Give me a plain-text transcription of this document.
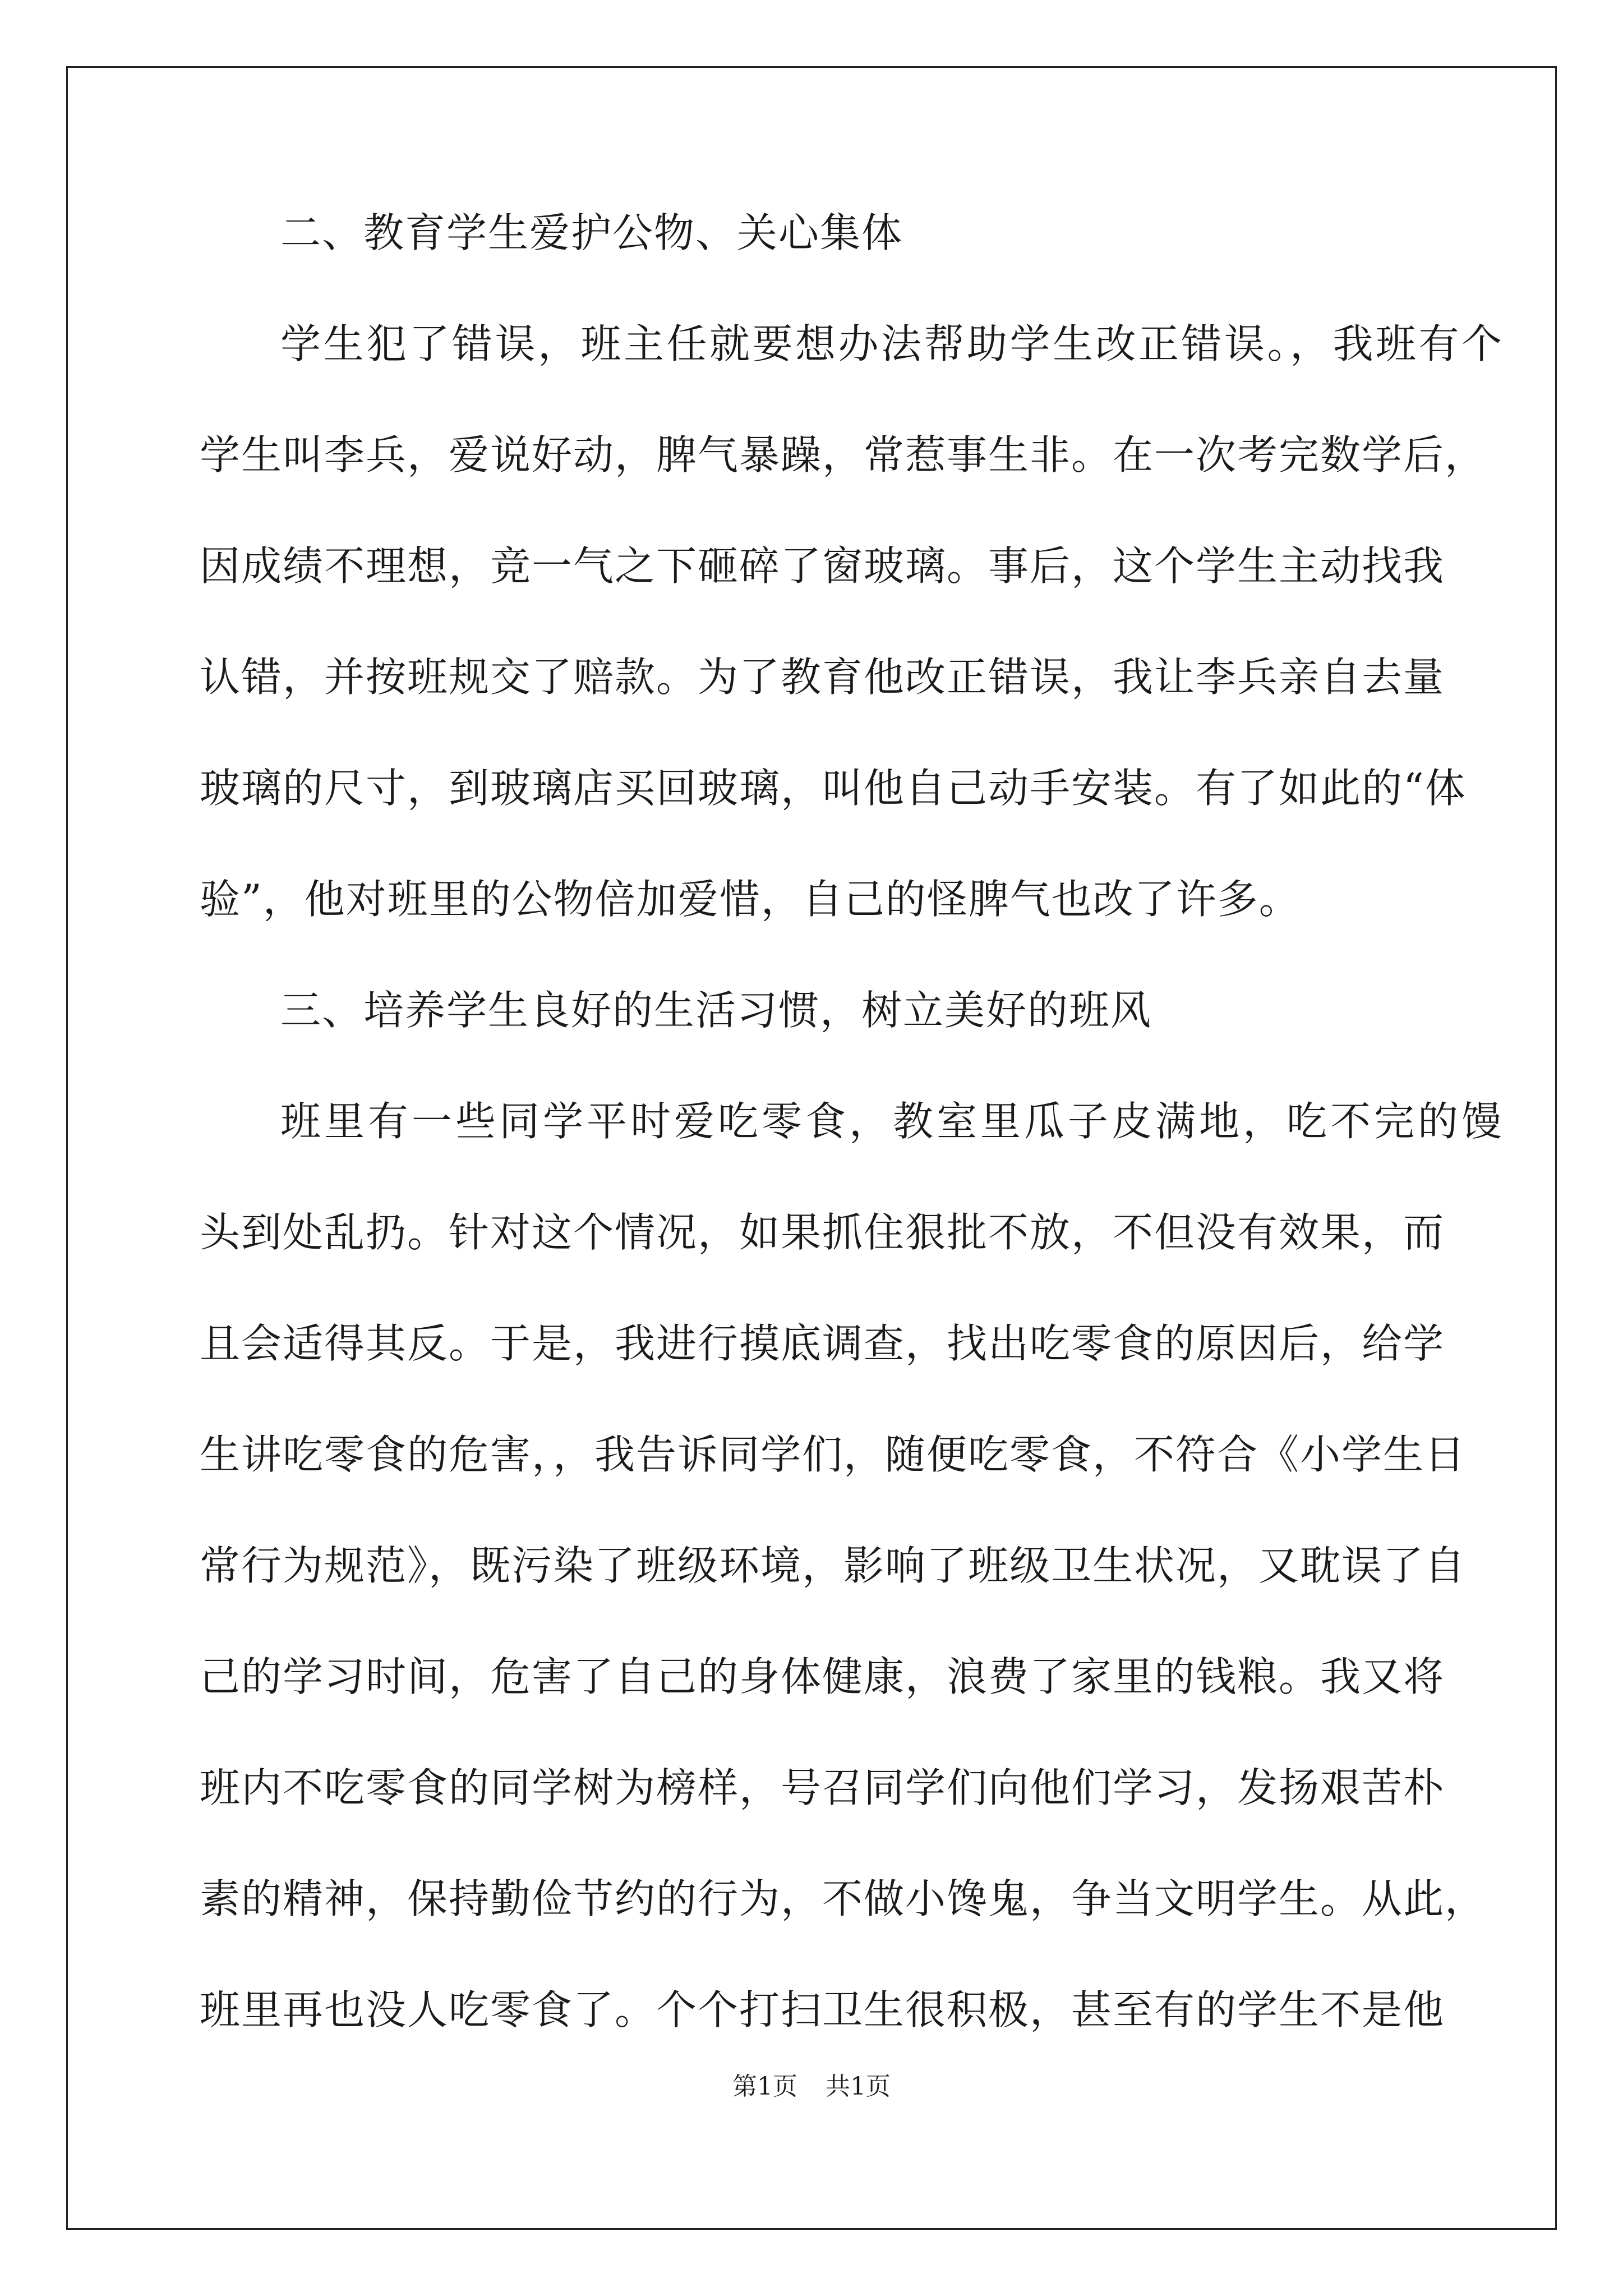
二、教育学生爱护公物、关心集体
学生犯了错误，班主任就要想办法帮助学生改正错误。，我班有个
学生叫李兵，爱说好动，脾气暴躁，常惹事生非。在一次考完数学后，
因成绩不理想，竞一气之下砸碎了窗玻璃。事后，这个学生主动找我
认错，并按班规交了赔款。为了教育他改正错误，我让李兵亲自去量
玻璃的尺寸，到玻璃店买回玻璃，叫他自己动手安装。有了如此的“体
验”，他对班里的公物倍加爱惜，自己的怪脾气也改了许多。
三、培养学生良好的生活习惯，树立美好的班风
班里有一些同学平时爱吃零食，教室里瓜子皮满地，吃不完的馒
头到处乱扔。针对这个情况，如果抓住狠批不放，不但没有效果，而
且会适得其反。于是，我进行摸底调查，找出吃零食的原因后，给学
生讲吃零食的危害，，我告诉同学们，随便吃零食，不符合《小学生日
常行为规范》，既污染了班级环境，影响了班级卫生状况，又耽误了自
己的学习时间，危害了自己的身体健康，浪费了家里的钱粮。我又将
班内不吃零食的同学树为榜样，号召同学们向他们学习，发扬艰苦朴
素的精神，保持勤俭节约的行为，不做小馋鬼，争当文明学生。从此，
班里再也没人吃零食了。个个打扫卫生很积极，甚至有的学生不是他
第1页 共1页
